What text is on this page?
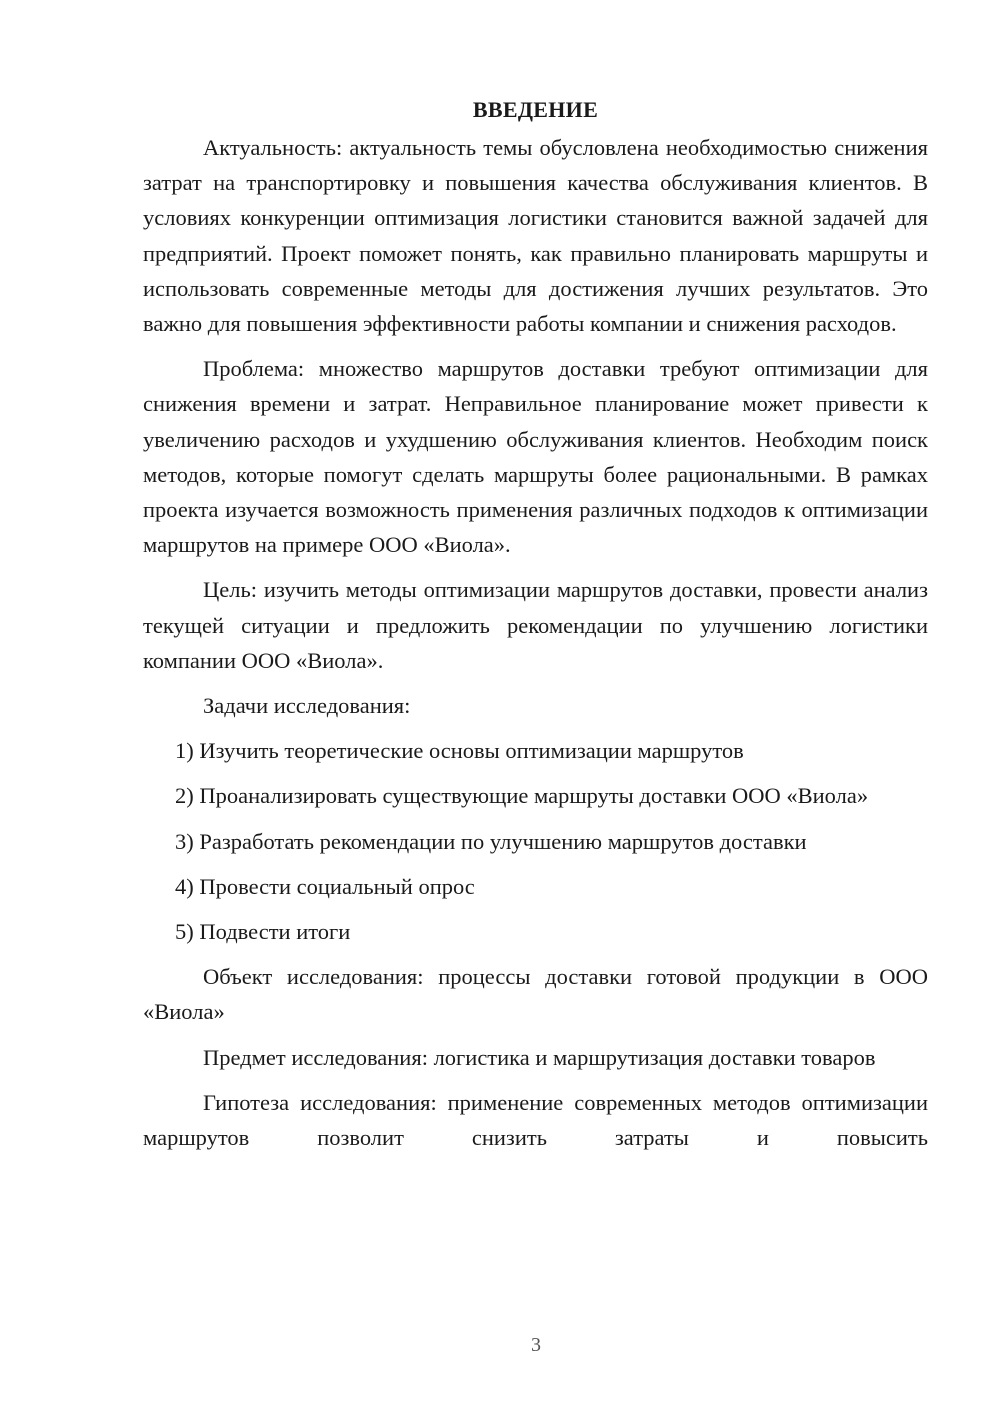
ВВЕДЕНИЕ

Актуальность: актуальность темы обусловлена необходимостью снижения затрат на транспортировку и повышения качества обслуживания клиентов. В условиях конкуренции оптимизация логистики становится важной задачей для предприятий. Проект поможет понять, как правильно планировать маршруты и использовать современные методы для достижения лучших результатов. Это важно для повышения эффективности работы компании и снижения расходов.

Проблема: множество маршрутов доставки требуют оптимизации для снижения времени и затрат. Неправильное планирование может привести к увеличению расходов и ухудшению обслуживания клиентов. Необходим поиск методов, которые помогут сделать маршруты более рациональными. В рамках проекта изучается возможность применения различных подходов к оптимизации маршрутов на примере ООО «Виола».

Цель: изучить методы оптимизации маршрутов доставки, провести анализ текущей ситуации и предложить рекомендации по улучшению логистики компании ООО «Виола».

Задачи исследования:

1) Изучить теоретические основы оптимизации маршрутов

2) Проанализировать существующие маршруты доставки ООО «Виола»

3) Разработать рекомендации по улучшению маршрутов доставки

4) Провести социальный опрос

5) Подвести итоги

Объект исследования: процессы доставки готовой продукции в ООО «Виола»

Предмет исследования: логистика и маршрутизация доставки товаров

Гипотеза исследования: применение современных методов оптимизации маршрутов позволит снизить затраты и повысить

3
